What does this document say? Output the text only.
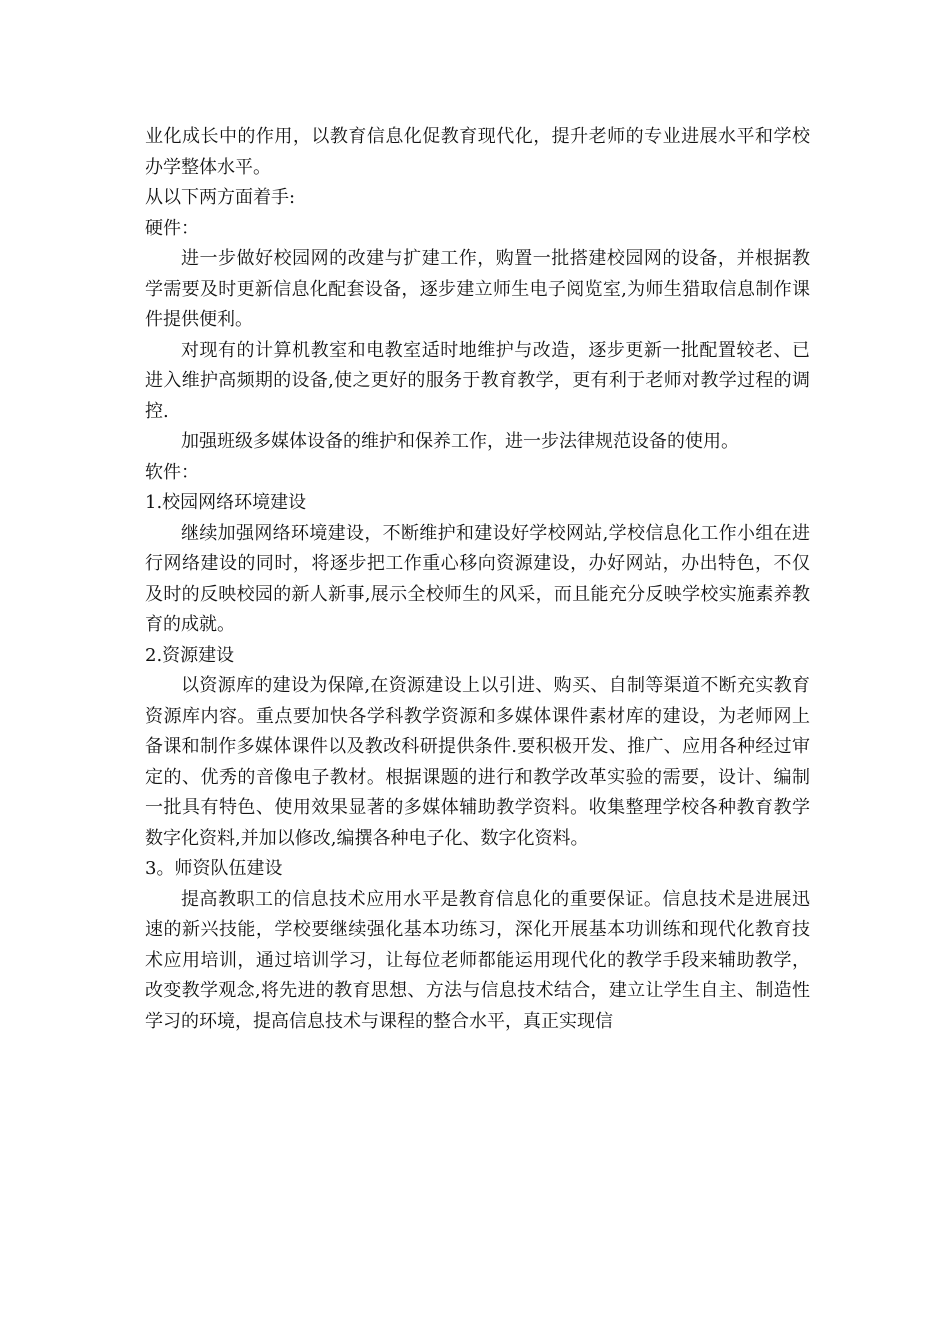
业化成长中的作用，以教育信息化促教育现代化，提升老师的专业进展水平和学校办学整体水平。

从以下两方面着手:

硬件：

进一步做好校园网的改建与扩建工作，购置一批搭建校园网的设备，并根据教学需要及时更新信息化配套设备，逐步建立师生电子阅览室,为师生猎取信息制作课件提供便利。

对现有的计算机教室和电教室适时地维护与改造，逐步更新一批配置较老、已进入维护高频期的设备,使之更好的服务于教育教学，更有利于老师对教学过程的调控.

加强班级多媒体设备的维护和保养工作，进一步法律规范设备的使用。

软件：

1.校园网络环境建设

继续加强网络环境建设，不断维护和建设好学校网站,学校信息化工作小组在进行网络建设的同时，将逐步把工作重心移向资源建设，办好网站，办出特色，不仅及时的反映校园的新人新事,展示全校师生的风采，而且能充分反映学校实施素养教育的成就。

2.资源建设

以资源库的建设为保障,在资源建设上以引进、购买、自制等渠道不断充实教育资源库内容。重点要加快各学科教学资源和多媒体课件素材库的建设，为老师网上备课和制作多媒体课件以及教改科研提供条件.要积极开发、推广、应用各种经过审定的、优秀的音像电子教材。根据课题的进行和教学改革实验的需要，设计、编制一批具有特色、使用效果显著的多媒体辅助教学资料。收集整理学校各种教育教学数字化资料,并加以修改,编撰各种电子化、数字化资料。

3。师资队伍建设

提高教职工的信息技术应用水平是教育信息化的重要保证。信息技术是进展迅速的新兴技能，学校要继续强化基本功练习，深化开展基本功训练和现代化教育技术应用培训，通过培训学习，让每位老师都能运用现代化的教学手段来辅助教学，改变教学观念,将先进的教育思想、方法与信息技术结合，建立让学生自主、制造性学习的环境，提高信息技术与课程的整合水平，真正实现信
